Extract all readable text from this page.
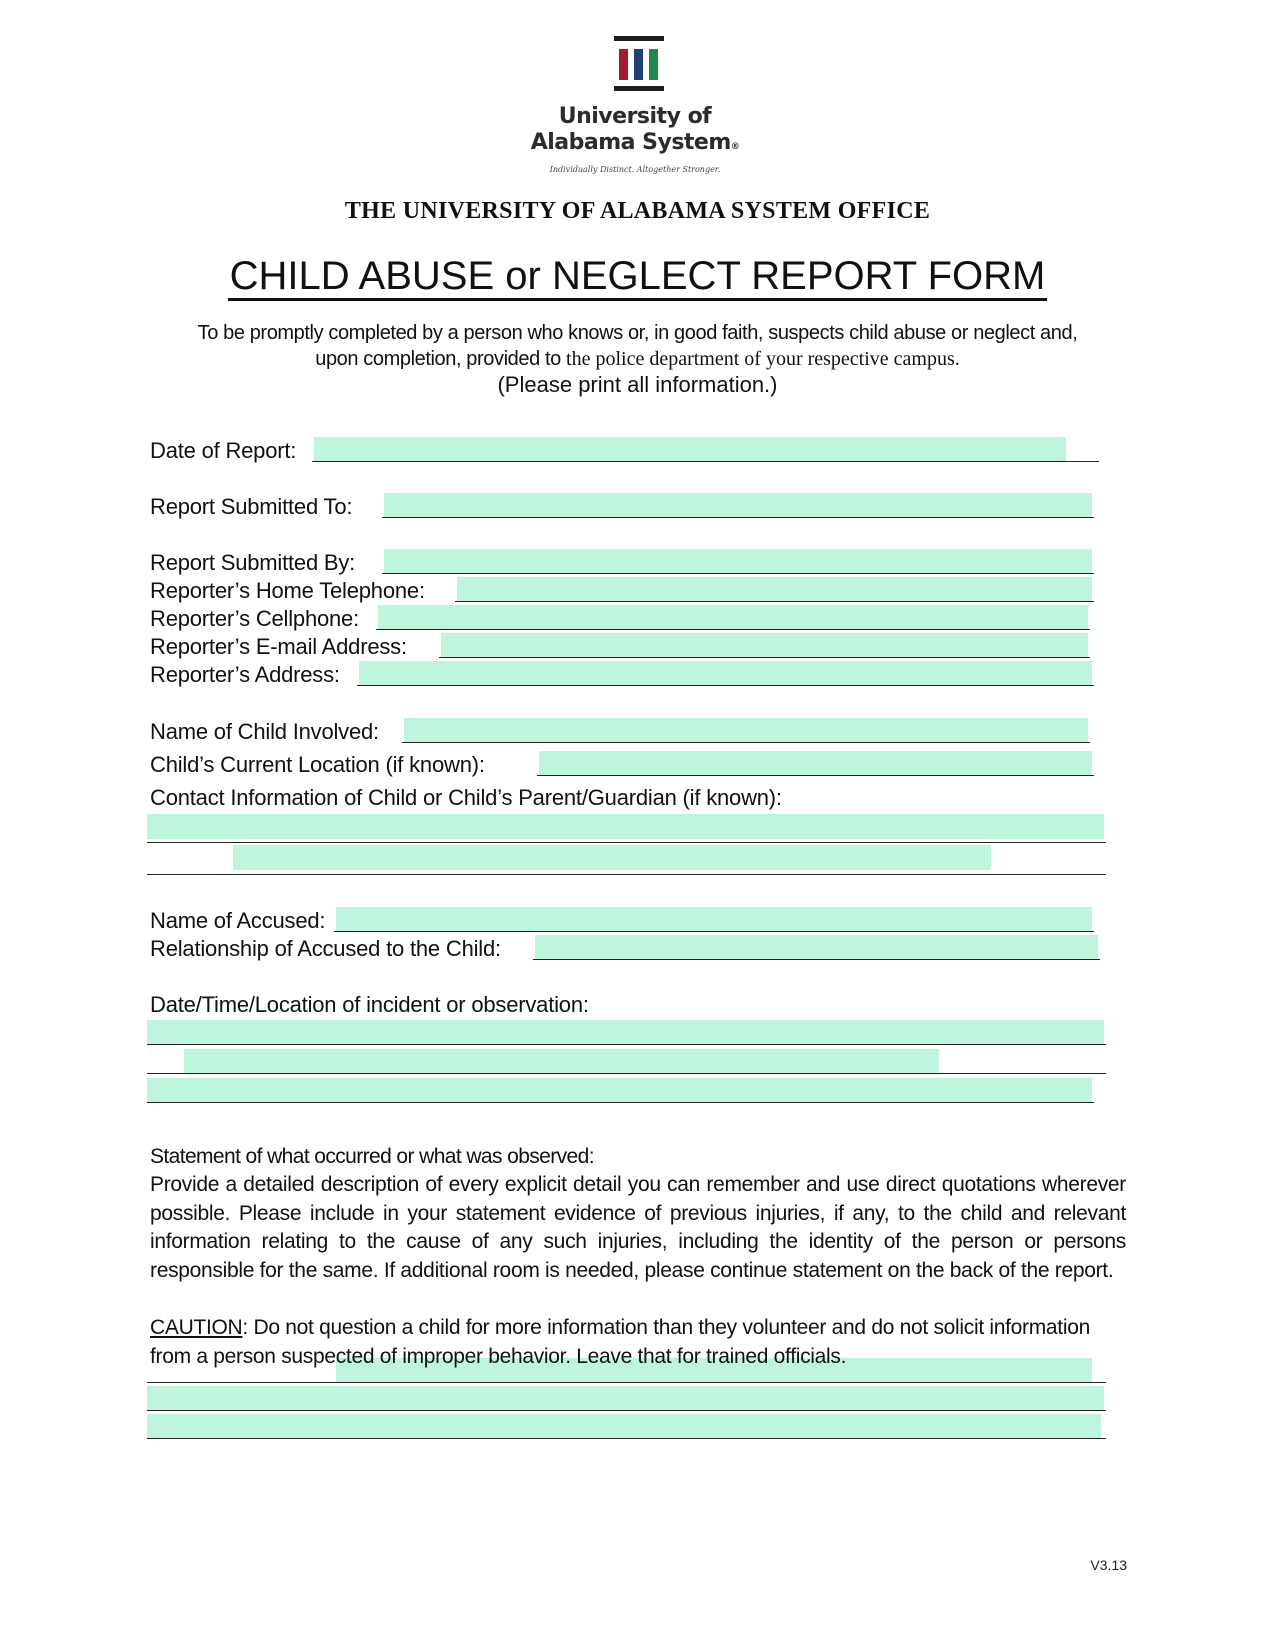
University of
Alabama System®
Individually Distinct. Altogether Stronger.
THE UNIVERSITY OF ALABAMA SYSTEM OFFICE
CHILD ABUSE or NEGLECT REPORT FORM
To be promptly completed by a person who knows or, in good faith, suspects child abuse or neglect and,
upon completion, provided to the police department of your respective campus.
(Please print all information.)
Date of Report:
Report Submitted To:
Report Submitted By:
Reporter’s Home Telephone:
Reporter’s Cellphone:
Reporter’s E-mail Address:
Reporter’s Address:
Name of Child Involved:
Child’s Current Location (if known):
Contact Information of Child or Child’s Parent/Guardian (if known):
Name of Accused:
Relationship of Accused to the Child:
Date/Time/Location of incident or observation:
Statement of what occurred or what was observed:
Provide a detailed description of every explicit detail you can remember and use direct quotations wherever possible. Please include in your statement evidence of previous injuries, if any, to the child and relevant information relating to the cause of any such injuries, including the identity of the person or persons responsible for the same. If additional room is needed, please continue statement on the back of the report.
CAUTION: Do not question a child for more information than they volunteer and do not solicit information from a person suspected of improper behavior. Leave that for trained officials.
V3.13
